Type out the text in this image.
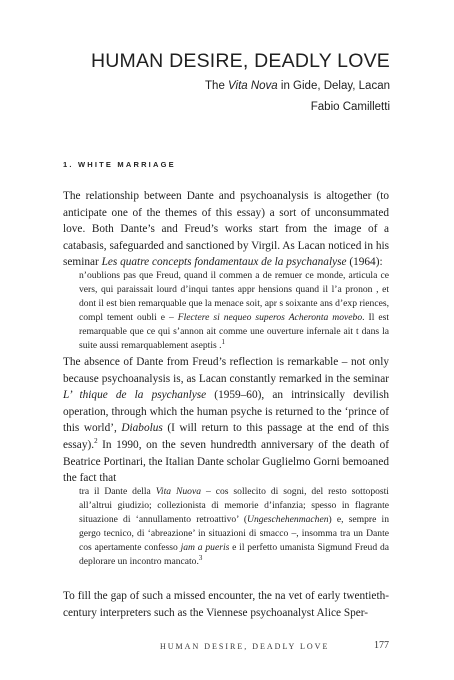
HUMAN DESIRE, DEADLY LOVE
The Vita Nova in Gide, Delay, Lacan
Fabio Camilletti
1. WHITE MARRIAGE

The relationship between Dante and psychoanalysis is altogether (to anticipate one of the themes of this essay) a sort of unconsummated love. Both Dante’s and Freud’s works start from the image of a catabasis, safeguarded and sanctioned by Virgil. As Lacan noticed in his seminar Les quatre concepts fondamentaux de la psychanalyse (1964):

n’oublions pas que Freud, quand il commen a de remuer ce monde, articula ce vers, qui paraissait lourd d’inqui tantes appr hensions quand il l’a pronon , et dont il est bien remarquable que la menace soit, apr s soixante ans d’exp riences, compl tement oubli e – Flectere si nequeo superos Acheronta movebo. Il est remarquable que ce qui s’annon ait comme une ouverture infernale ait t dans la suite aussi remarquablement aseptis .$^1$

The absence of Dante from Freud’s reflection is remarkable – not only because psychoanalysis is, as Lacan constantly remarked in the seminar L’ thique de la psychanlyse (1959–60), an intrinsically devilish operation, through which the human psyche is returned to the ‘prince of this world’, Diabolus (I will return to this passage at the end of this essay).$^2$ In 1990, on the seven hundredth anniversary of the death of Beatrice Portinari, the Italian Dante scholar Guglielmo Gorni bemoaned the fact that

tra il Dante della Vita Nuova – cos sollecito di sogni, del resto sottoposti all’altrui giudizio; collezionista di memorie d’infanzia; spesso in flagrante situazione di ‘annullamento retroattivo’ (Ungeschehenmachen) e, sempre in gergo tecnico, di ‘abreazione’ in situazioni di smacco –, insomma tra un Dante cos apertamente confesso jam a pueris e il perfetto umanista Sigmund Freud da deplorare un incontro mancato.$^3$

To fill the gap of such a missed encounter, the na vet of early twentieth-century interpreters such as the Viennese psychoanalyst Alice Sper-

HUMAN DESIRE, DEADLY LOVE	177
